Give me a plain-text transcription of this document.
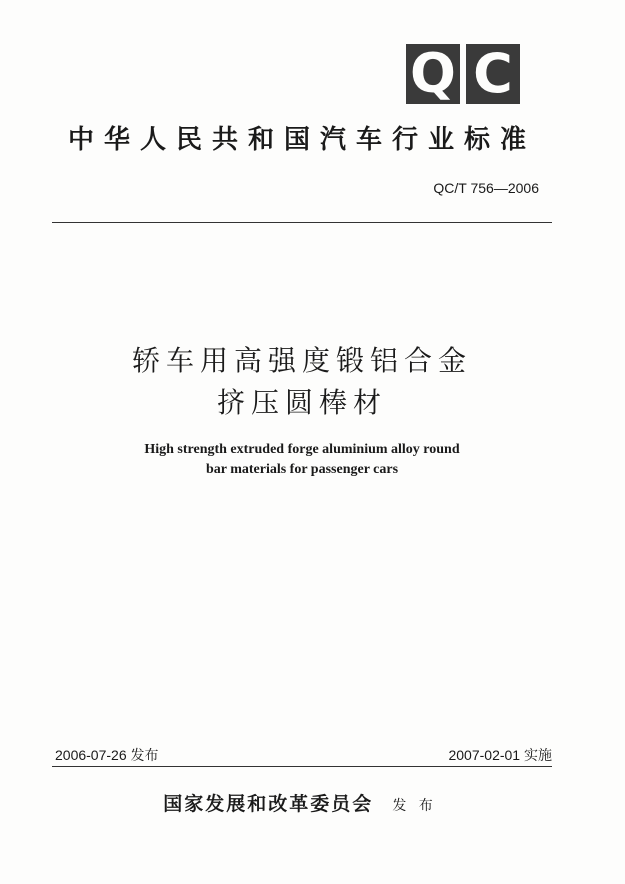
Q C
中华人民共和国汽车行业标准
QC/T 756—2006
轿车用高强度锻铝合金
挤压圆棒材
High strength extruded forge aluminium alloy round
bar materials for passenger cars
2006-07-26 发布	2007-02-01 实施
国家发展和改革委员会 发 布
